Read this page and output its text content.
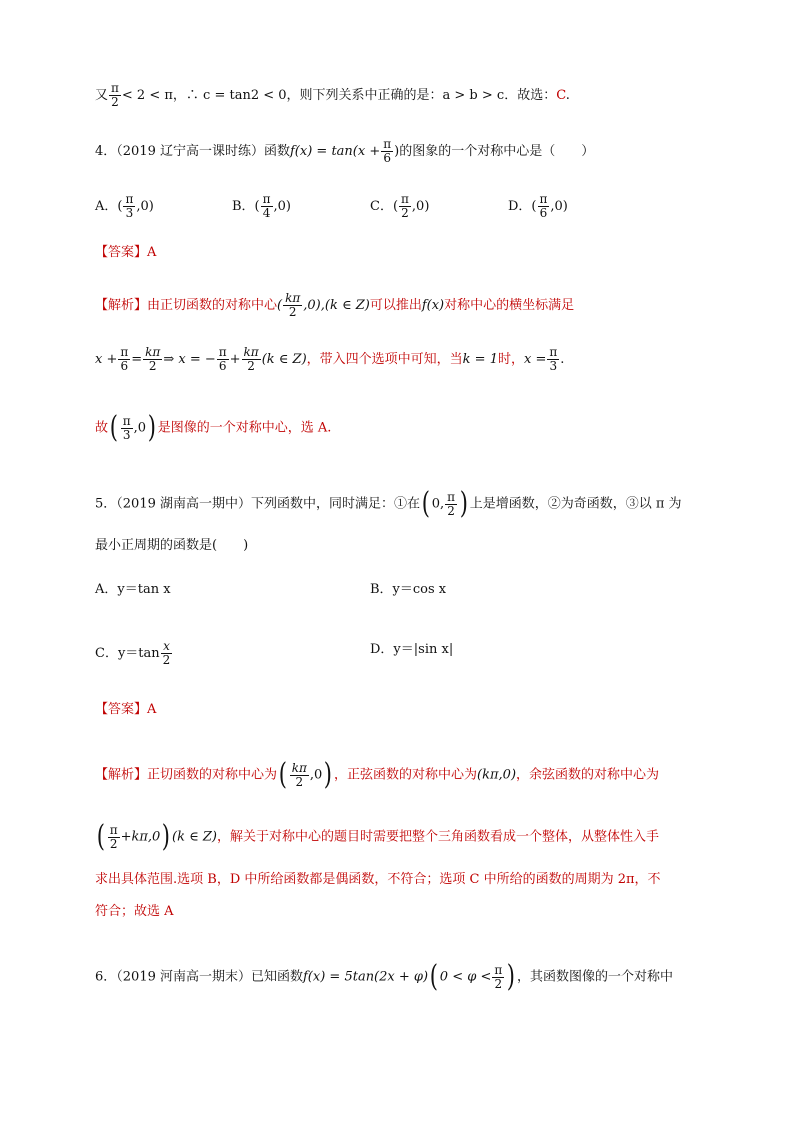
又 $\frac{\pi}{2} < 2 < \pi$，∴ c = tan2 < 0，则下列关系中正确的是：a > b > c．故选：C.
4．（2019 辽宁高一课时练）函数$f(x) = \tan(x + \frac{\pi}{6}$ )的图象的一个对称中心是（　　）
A．( $\frac{\pi}{3} ,0$)	B．( $\frac{\pi}{4} ,0$)	C．( $\frac{\pi}{2} ,0$)	D．( $\frac{\pi}{6} ,0$)
【答案】A
【解析】由正切函数的对称中心( $\frac{k\pi}{2} ,0),(k$ ∈ Z)可以推出f(x)对称中心的横坐标满足
$x + \frac{\pi}{6} = \frac{k\pi}{2}$ ⇒ x = − $\frac{\pi}{6} + \frac{k\pi}{2} (k$ ∈ Z)，带入四个选项中可知，当k = 1时，$x = \frac{\pi}{3}$ .
故( $\frac{\pi}{3} ,0$) 是图像的一个对称中心，选 A.
5．（2019 湖南高一期中）下列函数中，同时满足：①在( 0, $\frac{\pi}{2}$ ) 上是增函数，②为奇函数，③以 π 为
最小正周期的函数是(　　)
A．y＝tan x	B．y＝cos x
C．$y=\tan \frac{x}{2}$	D．y＝|sin x|
【答案】A
【解析】正切函数的对称中心为( $\frac{k\pi}{2} ,0$) ，正弦函数的对称中心为(kπ,0)，余弦函数的对称中心为
( $\frac{\pi}{2} +k\pi,0$) (k ∈ Z)，解关于对称中心的题目时需要把整个三角函数看成一个整体，从整体性入手
求出具体范围.选项 B，D 中所给函数都是偶函数，不符合；选项 C 中所给的函数的周期为 2π，不
符合；故选 A
6．（2019 河南高一期末）已知函数f(x) = 5tan(2x + φ)( $0 < \varphi < \frac{\pi}{2}$ ) ，其函数图像的一个对称中
